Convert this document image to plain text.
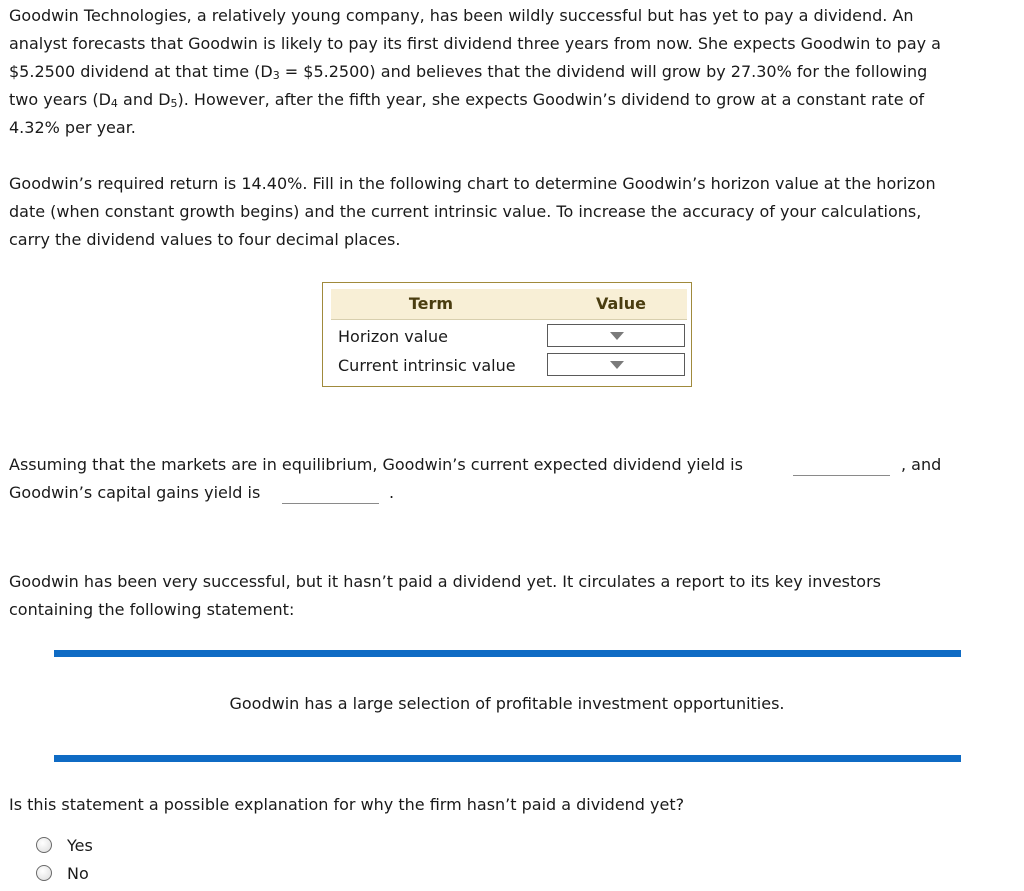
Goodwin Technologies, a relatively young company, has been wildly successful but has yet to pay a dividend. An
analyst forecasts that Goodwin is likely to pay its first dividend three years from now. She expects Goodwin to pay a
$5.2500 dividend at that time ($D_3$ = $5.2500) and believes that the dividend will grow by 27.30% for the following
two years ($D_4$ and $D_5$). However, after the fifth year, she expects Goodwin’s dividend to grow at a constant rate of
4.32% per year.

Goodwin’s required return is 14.40%. Fill in the following chart to determine Goodwin’s horizon value at the horizon
date (when constant growth begins) and the current intrinsic value. To increase the accuracy of your calculations,
carry the dividend values to four decimal places.

Term	Value
Horizon value
Current intrinsic value
Assuming that the markets are in equilibrium, Goodwin’s current expected dividend yield is	, and
Goodwin’s capital gains yield is	.

Goodwin has been very successful, but it hasn’t paid a dividend yet. It circulates a report to its key investors
containing the following statement:

Goodwin has a large selection of profitable investment opportunities.
Is this statement a possible explanation for why the firm hasn’t paid a dividend yet?
Yes
No
